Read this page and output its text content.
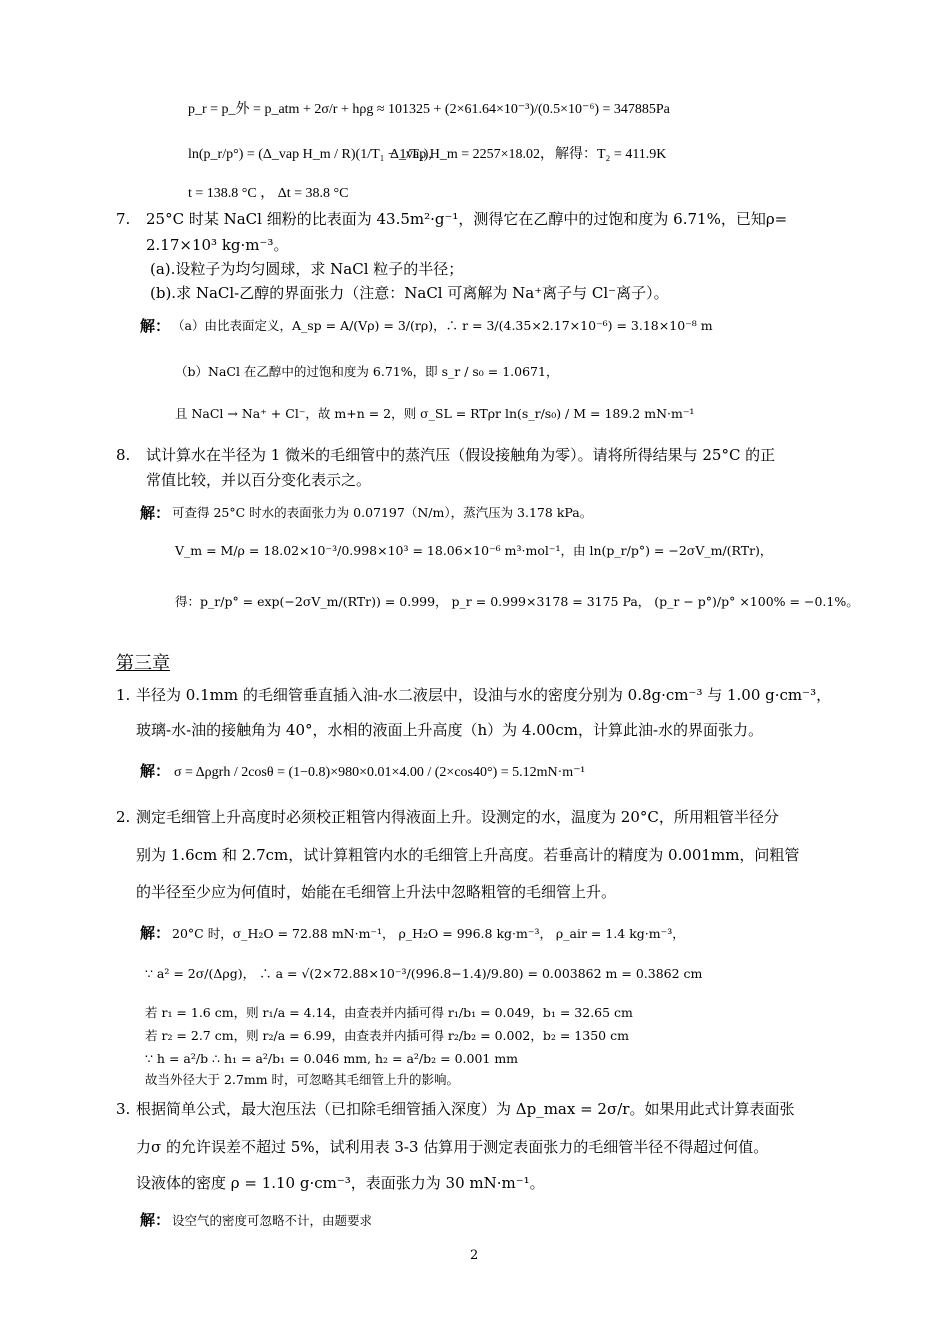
p_r = p_外 = p_atm + 2σ/r + hρg ≈ 101325 + (2×61.64×10⁻³)/(0.5×10⁻⁶) = 347885Pa
ln(p_r/p°) = (Δ_vap H_m / R)(1/T₁ − 1/T₂),
Δ_vap H_m = 2257×18.02， 解得：T₂ = 411.9K
t = 138.8 °C ， Δt = 38.8 °C
7. 25°C 时某 NaCl 细粉的比表面为 43.5m²·g⁻¹，测得它在乙醇中的过饱和度为 6.71%，已知ρ=
2.17×10³ kg·m⁻³。
(a).设粒子为均匀圆球，求 NaCl 粒子的半径；
(b).求 NaCl-乙醇的界面张力（注意：NaCl 可离解为 Na⁺离子与 Cl⁻离子）。
解： （a）由比表面定义，A_sp = A/(Vρ) = 3/(rρ)，∴ r = 3/(4.35×2.17×10⁻⁶) = 3.18×10⁻⁸ m
（b）NaCl 在乙醇中的过饱和度为 6.71%，即 s_r / s₀ = 1.0671，
且 NaCl → Na⁺ + Cl⁻，故 m+n = 2，则 σ_SL = RTρr ln(s_r/s₀) / M = 189.2 mN·m⁻¹
8. 试计算水在半径为 1 微米的毛细管中的蒸汽压（假设接触角为零）。请将所得结果与 25°C 的正
常值比较，并以百分变化表示之。
解： 可查得 25°C 时水的表面张力为 0.07197（N/m），蒸汽压为 3.178 kPa。
V_m = M/ρ = 18.02×10⁻³/0.998×10³ = 18.06×10⁻⁶ m³·mol⁻¹，由 ln(p_r/p°) = −2σV_m/(RTr)，
得：p_r/p° = exp(−2σV_m/(RTr)) = 0.999， p_r = 0.999×3178 = 3175 Pa， (p_r − p°)/p° ×100% = −0.1%。
第三章
1. 半径为 0.1mm 的毛细管垂直插入油-水二液层中，设油与水的密度分别为 0.8g·cm⁻³ 与 1.00 g·cm⁻³，
玻璃-水-油的接触角为 40°，水相的液面上升高度（h）为 4.00cm，计算此油-水的界面张力。
解： σ = Δρgrh / 2cosθ = (1−0.8)×980×0.01×4.00 / (2×cos40°) = 5.12mN·m⁻¹
2. 测定毛细管上升高度时必须校正粗管内得液面上升。设测定的水，温度为 20°C，所用粗管半径分
别为 1.6cm 和 2.7cm，试计算粗管内水的毛细管上升高度。若垂高计的精度为 0.001mm，问粗管
的半径至少应为何值时，始能在毛细管上升法中忽略粗管的毛细管上升。
解： 20°C 时，σ_H₂O = 72.88 mN·m⁻¹， ρ_H₂O = 996.8 kg·m⁻³， ρ_air = 1.4 kg·m⁻³，
∵ a² = 2σ/(Δρg)， ∴ a = √(2×72.88×10⁻³/(996.8−1.4)/9.80) = 0.003862 m = 0.3862 cm
若 r₁ = 1.6 cm，则 r₁/a = 4.14，由查表并内插可得 r₁/b₁ = 0.049，b₁ = 32.65 cm
若 r₂ = 2.7 cm，则 r₂/a = 6.99，由查表并内插可得 r₂/b₂ = 0.002，b₂ = 1350 cm
∵ h = a²/b ∴ h₁ = a²/b₁ = 0.046 mm, h₂ = a²/b₂ = 0.001 mm
故当外径大于 2.7mm 时，可忽略其毛细管上升的影响。
3. 根据简单公式，最大泡压法（已扣除毛细管插入深度）为 Δp_max = 2σ/r。如果用此式计算表面张
力σ 的允许误差不超过 5%，试利用表 3-3 估算用于测定表面张力的毛细管半径不得超过何值。
设液体的密度 ρ = 1.10 g·cm⁻³，表面张力为 30 mN·m⁻¹。
解： 设空气的密度可忽略不计，由题要求
2
